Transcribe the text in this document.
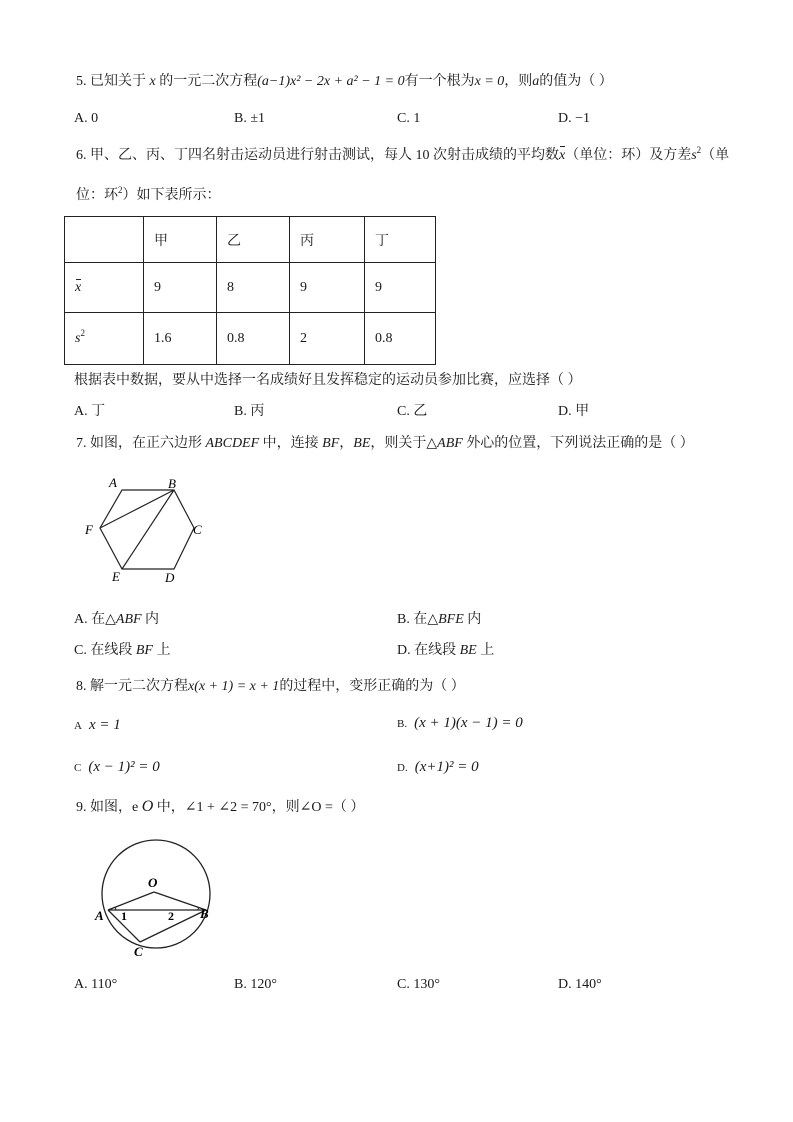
5. 已知关于 x 的一元二次方程(a−1)x² − 2x + a² − 1 = 0有一个根为x = 0，则a的值为（ ）
A. 0	B. ±1	C. 1	D. −1
6. 甲、乙、丙、丁四名射击运动员进行射击测试，每人 10 次射击成绩的平均数x（单位：环）及方差$s^2$（单
位：环$^2$）如下表所示：
	甲	乙	丙	丁
x	9	8	9	9
$s^2$	1.6	0.8	2	0.8
根据表中数据，要从中选择一名成绩好且发挥稳定的运动员参加比赛，应选择（ ）
A. 丁	B. 丙	C. 乙	D. 甲
7. 如图，在正六边形 ABCDEF 中，连接 BF，BE，则关于△ABF 外心的位置，下列说法正确的是（ ）
A	B
C
D
E
F
A. 在△ABF 内	B. 在△BFE 内
C. 在线段 BF 上	D. 在线段 BE 上
8. 解一元二次方程x(x + 1) = x + 1的过程中，变形正确的为（ ）
A x = 1	B. (x + 1)(x − 1) = 0
C (x − 1)² = 0	D. (x+1)² = 0
9. 如图，e O 中，∠1 + ∠2 = 70°，则∠O =（ ）
O
A	B
C
1	2
A. 110°	B. 120°	C. 130°	D. 140°
